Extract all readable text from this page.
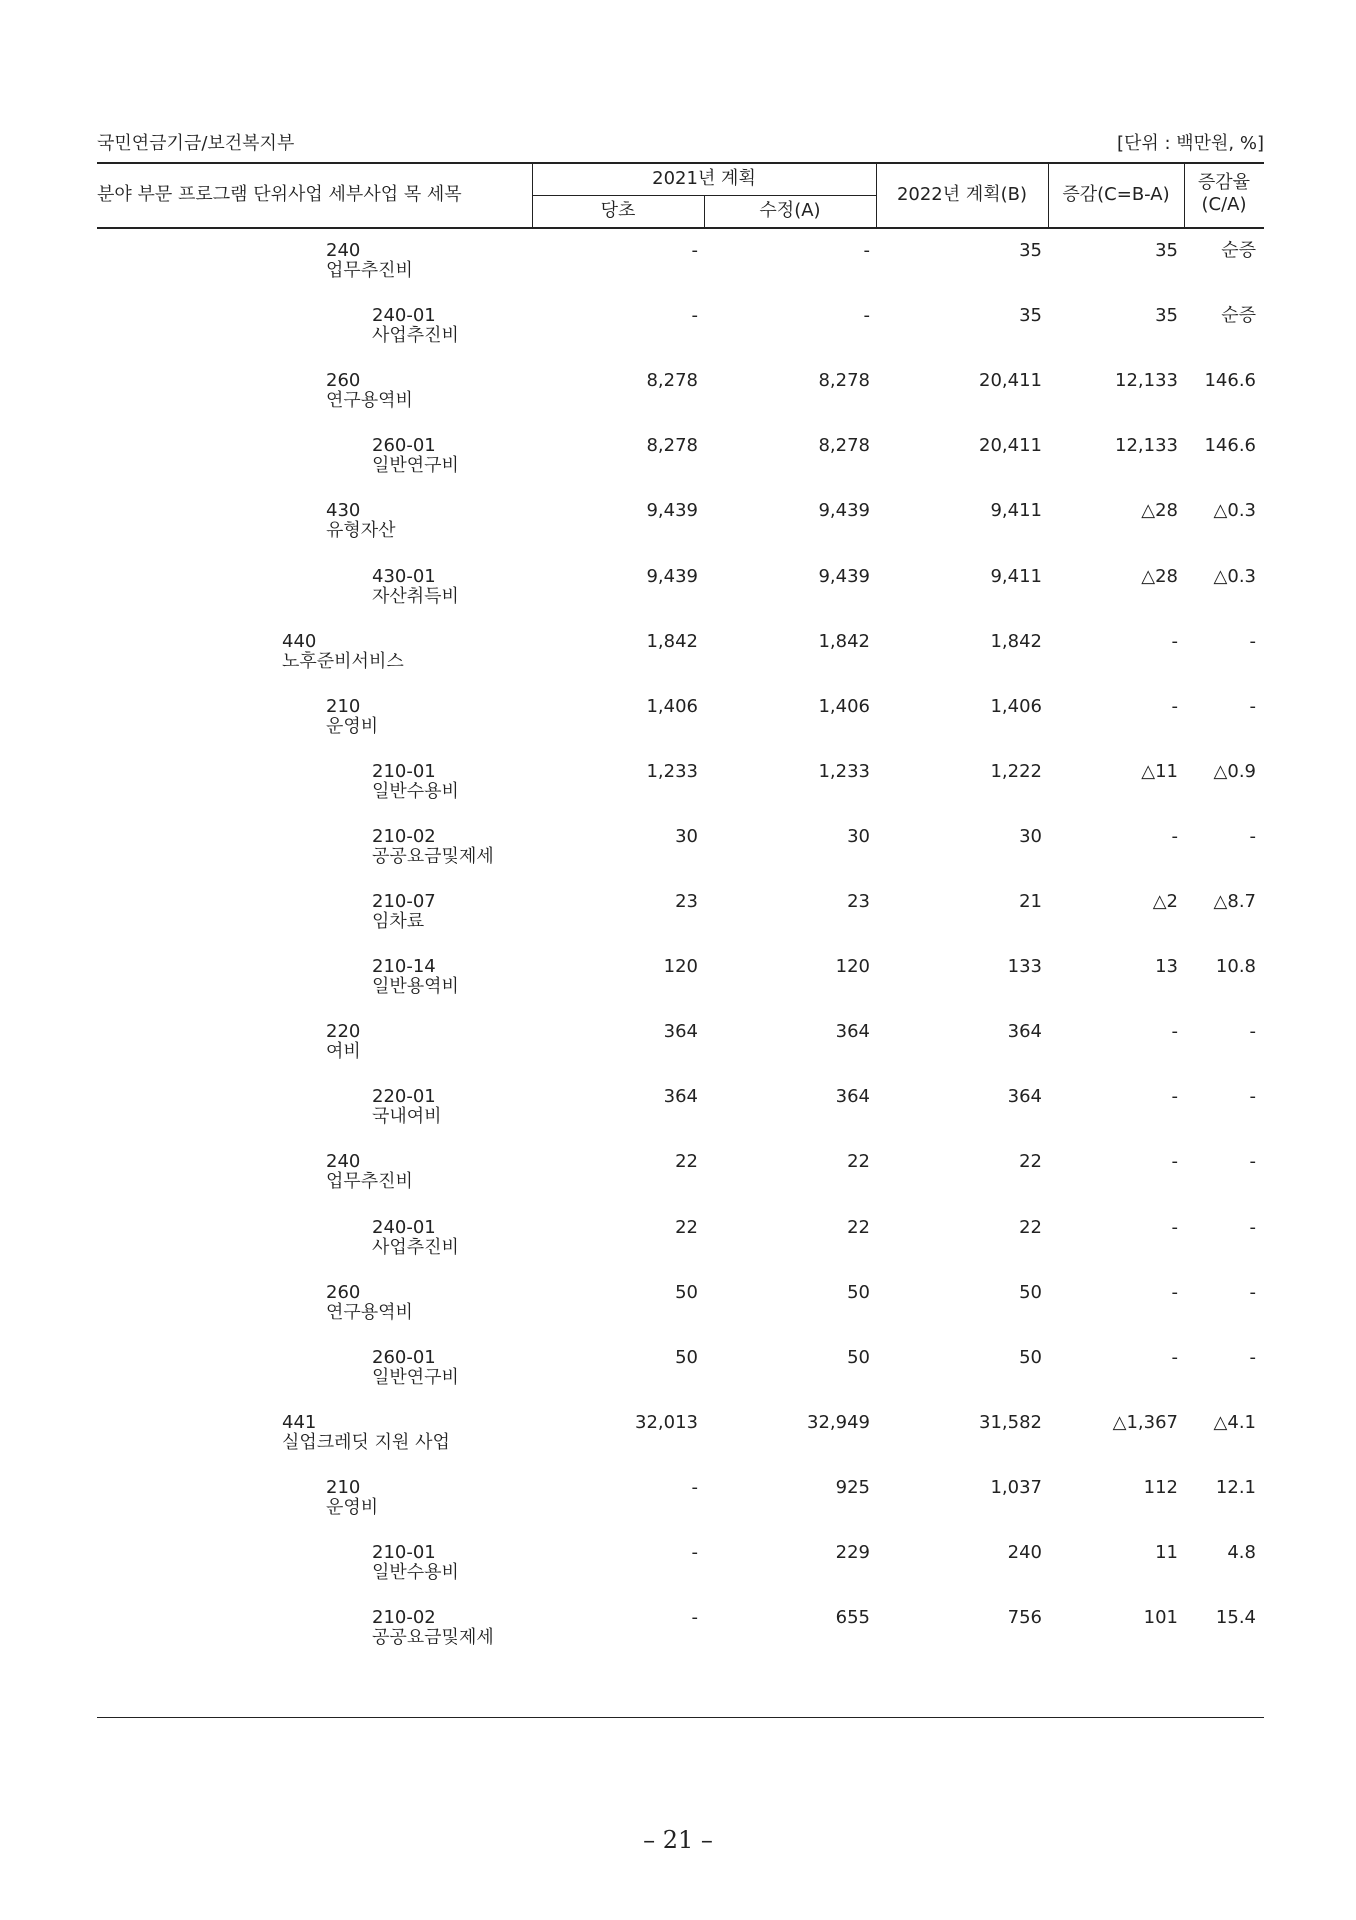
국민연금기금/보건복지부	[단위 : 백만원, %]
분야 부문 프로그램 단위사업 세부사업 목 세목
2021년 계획
당초	수정(A)
2022년 계획(B)	증감(C=B-A)
증감율
(C/A)
240
업무추진비
-	-	35	35	순증
240-01
사업추진비
-	-	35	35	순증
260
연구용역비
8,278	8,278	20,411	12,133	146.6
260-01
일반연구비
8,278	8,278	20,411	12,133	146.6
430
유형자산
9,439	9,439	9,411	△28	△0.3
430-01
자산취득비
9,439	9,439	9,411	△28	△0.3
440
노후준비서비스
1,842	1,842	1,842	-	-
210
운영비
1,406	1,406	1,406	-	-
210-01
일반수용비
1,233	1,233	1,222	△11	△0.9
210-02
공공요금및제세
30	30	30	-	-
210-07
임차료
23	23	21	△2	△8.7
210-14
일반용역비
120	120	133	13	10.8
220
여비
364	364	364	-	-
220-01
국내여비
364	364	364	-	-
240
업무추진비
22	22	22	-	-
240-01
사업추진비
22	22	22	-	-
260
연구용역비
50	50	50	-	-
260-01
일반연구비
50	50	50	-	-
441
실업크레딧 지원 사업
32,013	32,949	31,582	△1,367	△4.1
210
운영비
-	925	1,037	112	12.1
210-01
일반수용비
-	229	240	11	4.8
210-02
공공요금및제세
-	655	756	101	15.4
– 21 –
